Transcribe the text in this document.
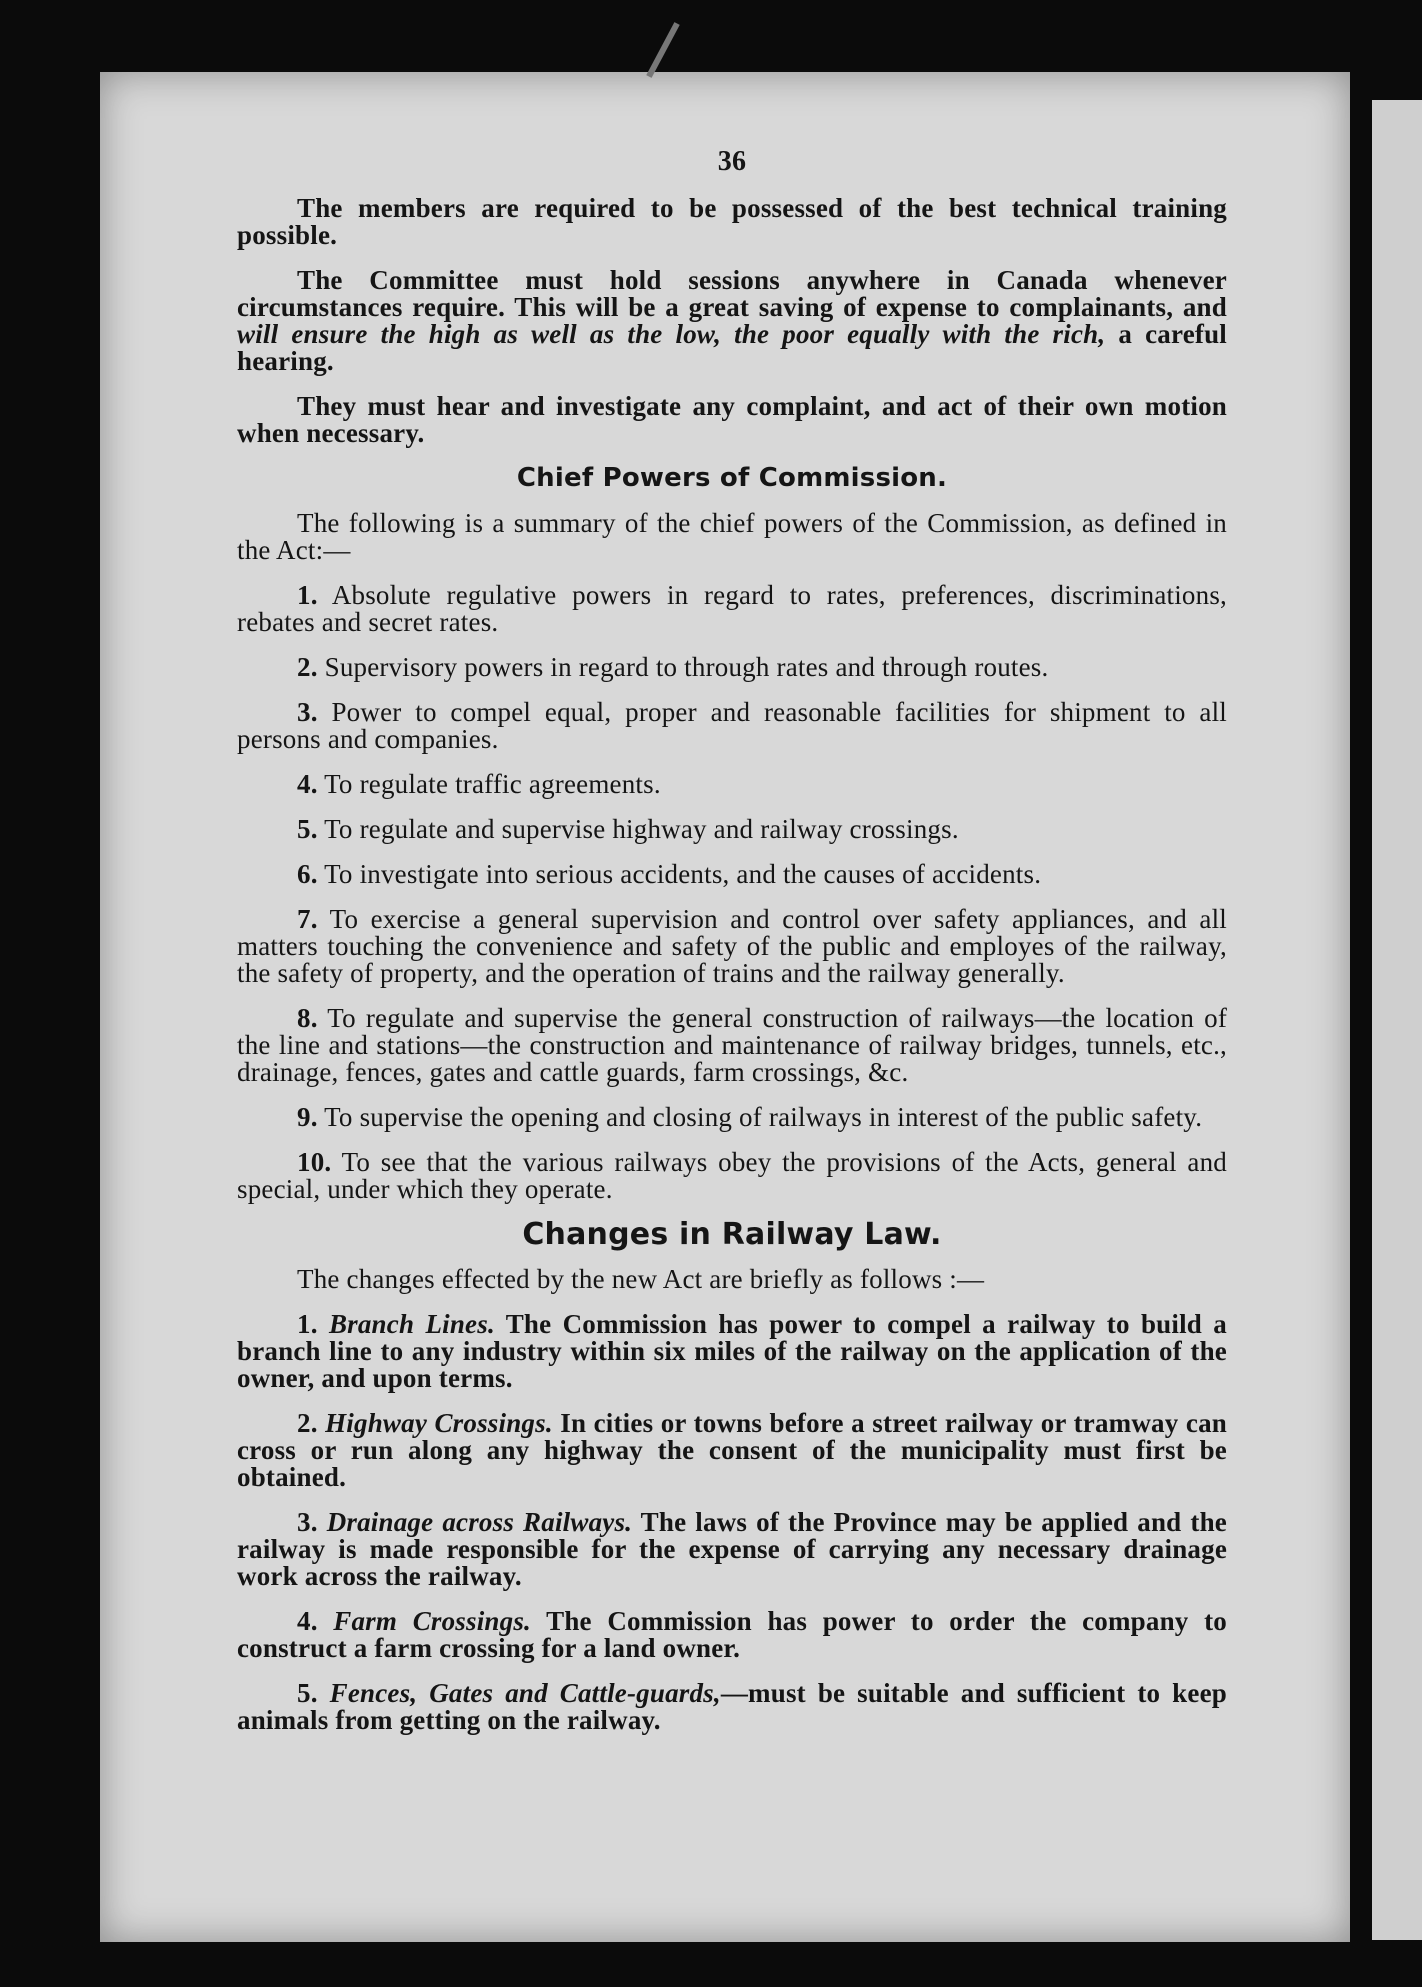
36

The members are required to be possessed of the best technical training possible.

The Committee must hold sessions anywhere in Canada whenever circumstances require. This will be a great saving of expense to complainants, and will ensure the high as well as the low, the poor equally with the rich, a careful hearing.

They must hear and investigate any complaint, and act of their own motion when necessary.

Chief Powers of Commission.

The following is a summary of the chief powers of the Commission, as defined in the Act:—

1. Absolute regulative powers in regard to rates, preferences, discriminations, rebates and secret rates.

2. Supervisory powers in regard to through rates and through routes.

3. Power to compel equal, proper and reasonable facilities for shipment to all persons and companies.

4. To regulate traffic agreements.

5. To regulate and supervise highway and railway crossings.

6. To investigate into serious accidents, and the causes of accidents.

7. To exercise a general supervision and control over safety appliances, and all matters touching the convenience and safety of the public and employes of the railway, the safety of property, and the operation of trains and the railway generally.

8. To regulate and supervise the general construction of railways—the location of the line and stations—the construction and maintenance of railway bridges, tunnels, etc., drainage, fences, gates and cattle guards, farm crossings, &c.

9. To supervise the opening and closing of railways in interest of the public safety.

10. To see that the various railways obey the provisions of the Acts, general and special, under which they operate.

Changes in Railway Law.

The changes effected by the new Act are briefly as follows :—

1. Branch Lines. The Commission has power to compel a railway to build a branch line to any industry within six miles of the railway on the application of the owner, and upon terms.

2. Highway Crossings. In cities or towns before a street railway or tramway can cross or run along any highway the consent of the municipality must first be obtained.

3. Drainage across Railways. The laws of the Province may be applied and the railway is made responsible for the expense of carrying any necessary drainage work across the railway.

4. Farm Crossings. The Commission has power to order the company to construct a farm crossing for a land owner.

5. Fences, Gates and Cattle-guards,—must be suitable and sufficient to keep animals from getting on the railway.
